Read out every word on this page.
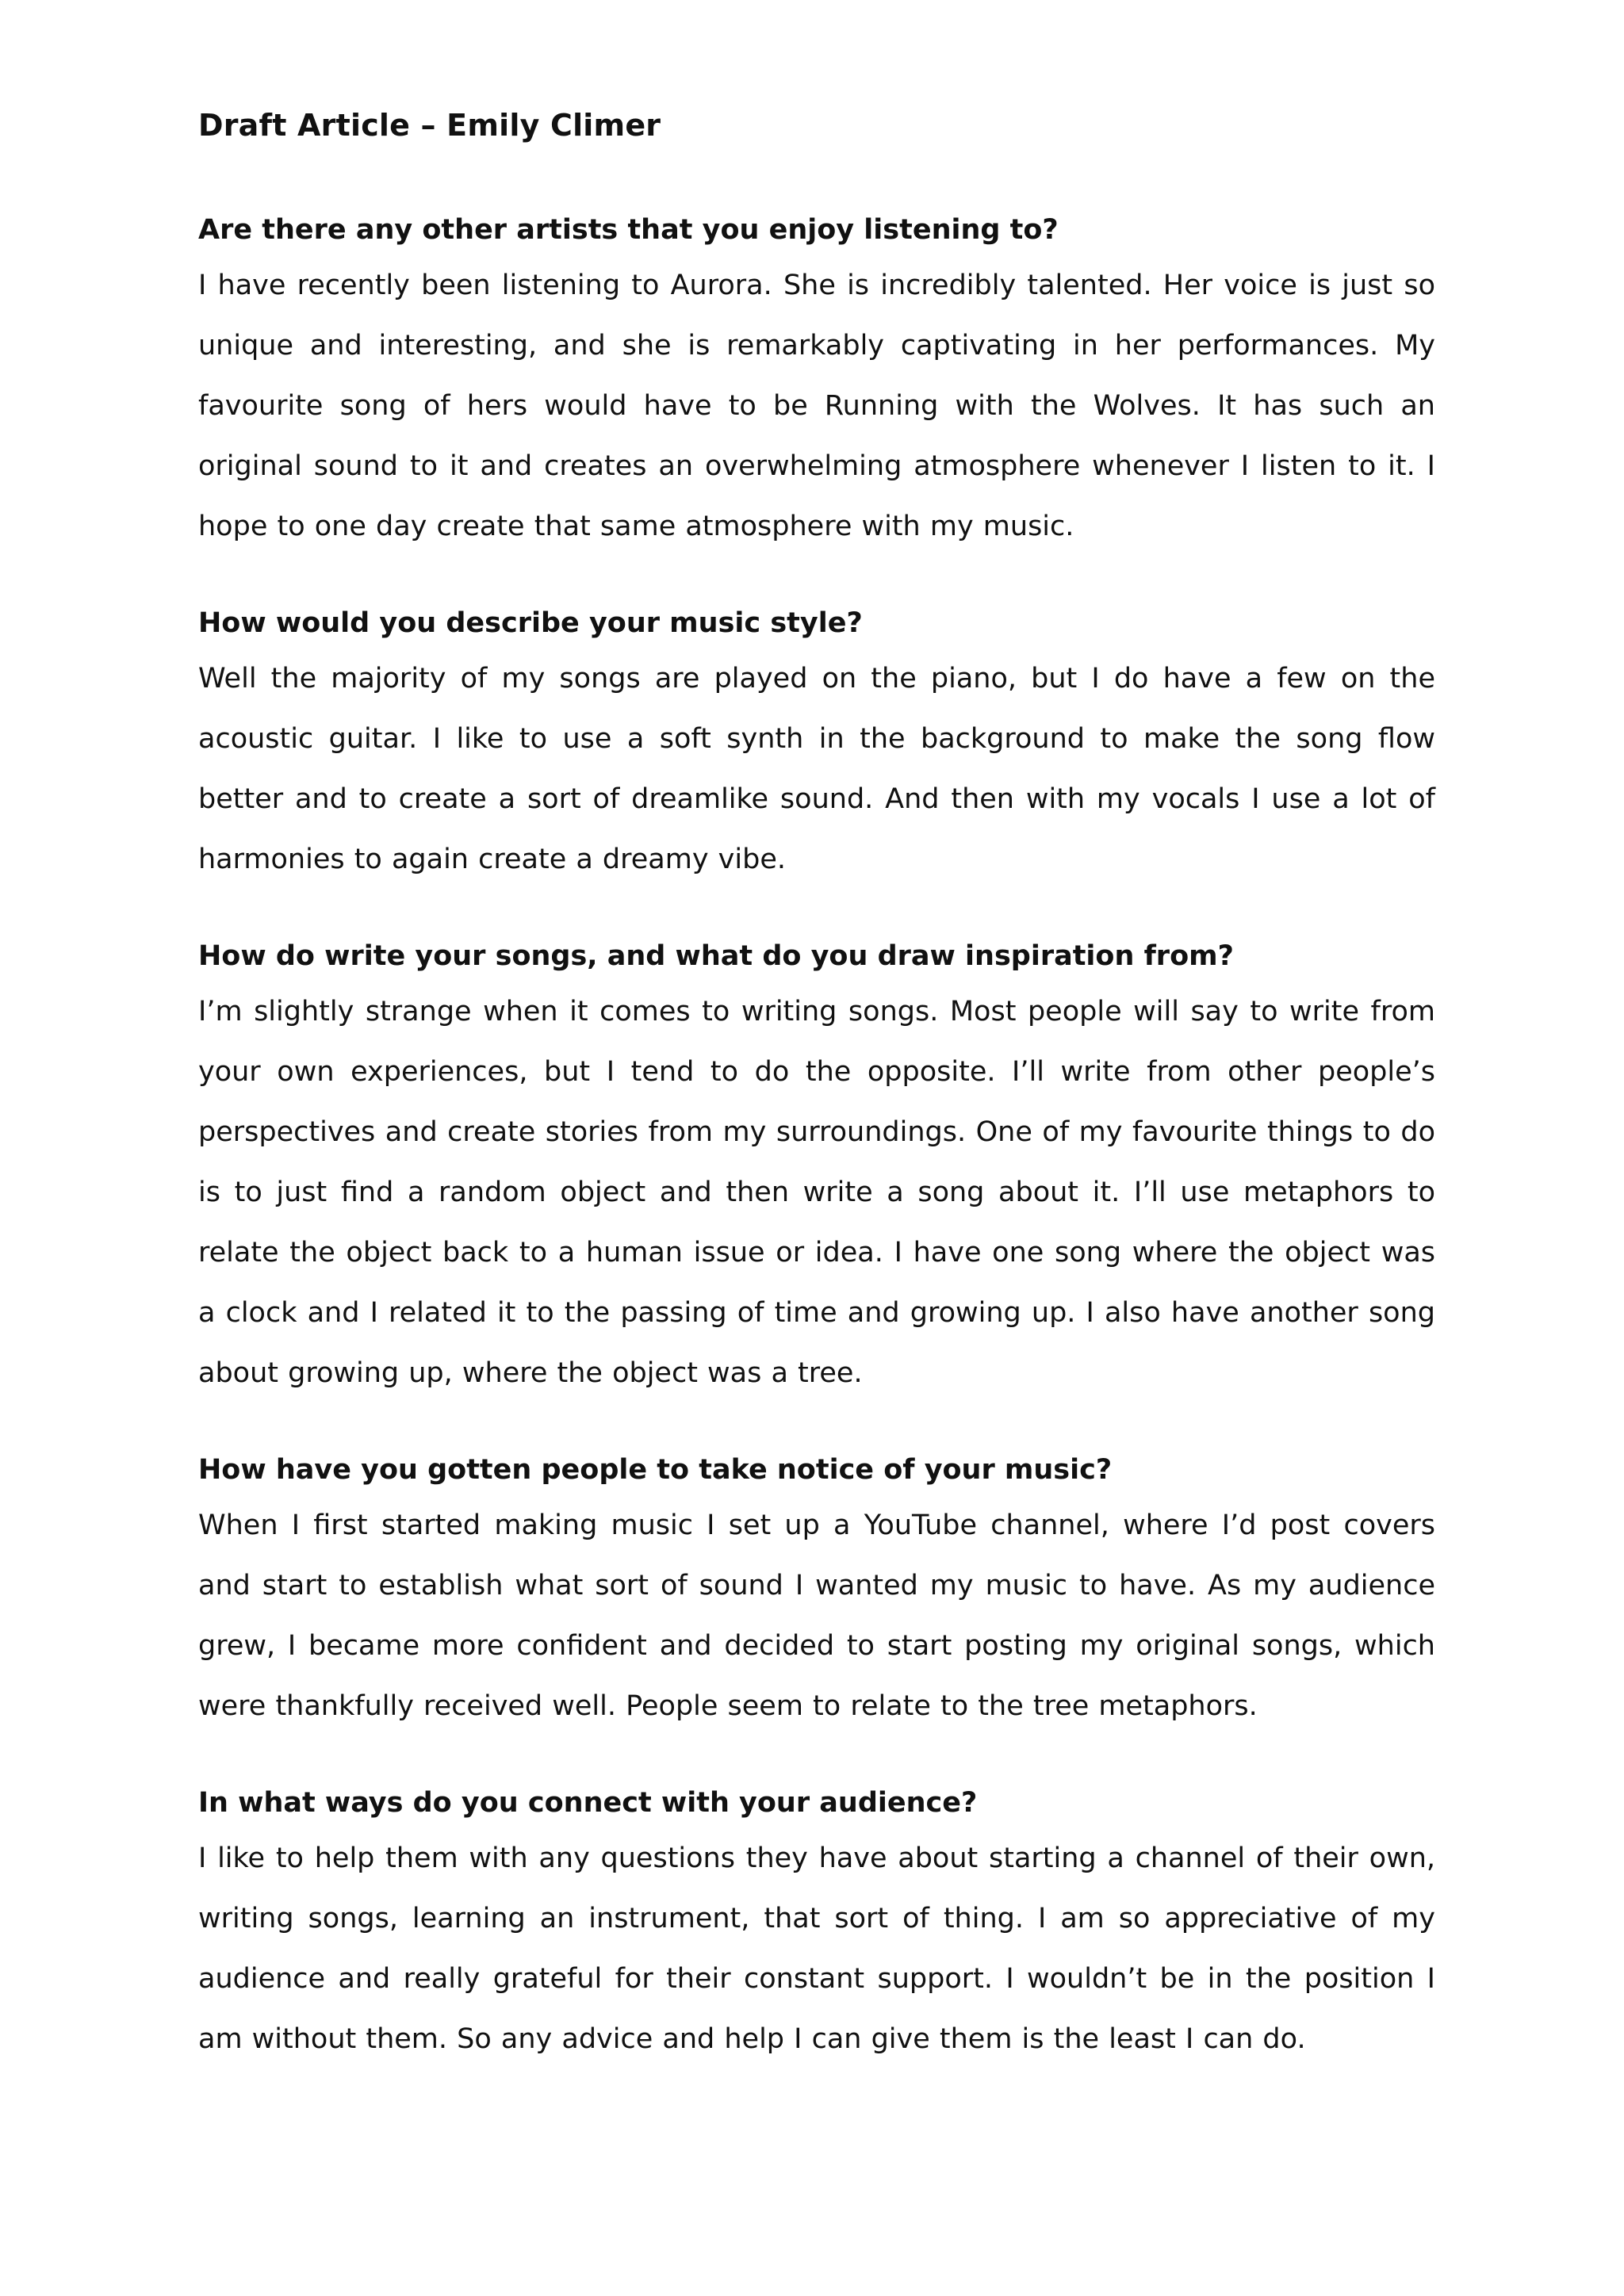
Draft Article – Emily Climer

Are there any other artists that you enjoy listening to?

I have recently been listening to Aurora. She is incredibly talented. Her voice is just so unique and interesting, and she is remarkably captivating in her performances. My favourite song of hers would have to be Running with the Wolves. It has such an original sound to it and creates an overwhelming atmosphere whenever I listen to it. I hope to one day create that same atmosphere with my music.

How would you describe your music style?

Well the majority of my songs are played on the piano, but I do have a few on the acoustic guitar. I like to use a soft synth in the background to make the song flow better and to create a sort of dreamlike sound. And then with my vocals I use a lot of harmonies to again create a dreamy vibe.

How do write your songs, and what do you draw inspiration from?

I’m slightly strange when it comes to writing songs. Most people will say to write from your own experiences, but I tend to do the opposite. I’ll write from other people’s perspectives and create stories from my surroundings. One of my favourite things to do is to just find a random object and then write a song about it. I’ll use metaphors to relate the object back to a human issue or idea. I have one song where the object was a clock and I related it to the passing of time and growing up. I also have another song about growing up, where the object was a tree.

How have you gotten people to take notice of your music?

When I first started making music I set up a YouTube channel, where I’d post covers and start to establish what sort of sound I wanted my music to have. As my audience grew, I became more confident and decided to start posting my original songs, which were thankfully received well. People seem to relate to the tree metaphors.

In what ways do you connect with your audience?

I like to help them with any questions they have about starting a channel of their own, writing songs, learning an instrument, that sort of thing. I am so appreciative of my audience and really grateful for their constant support. I wouldn’t be in the position I am without them. So any advice and help I can give them is the least I can do.
